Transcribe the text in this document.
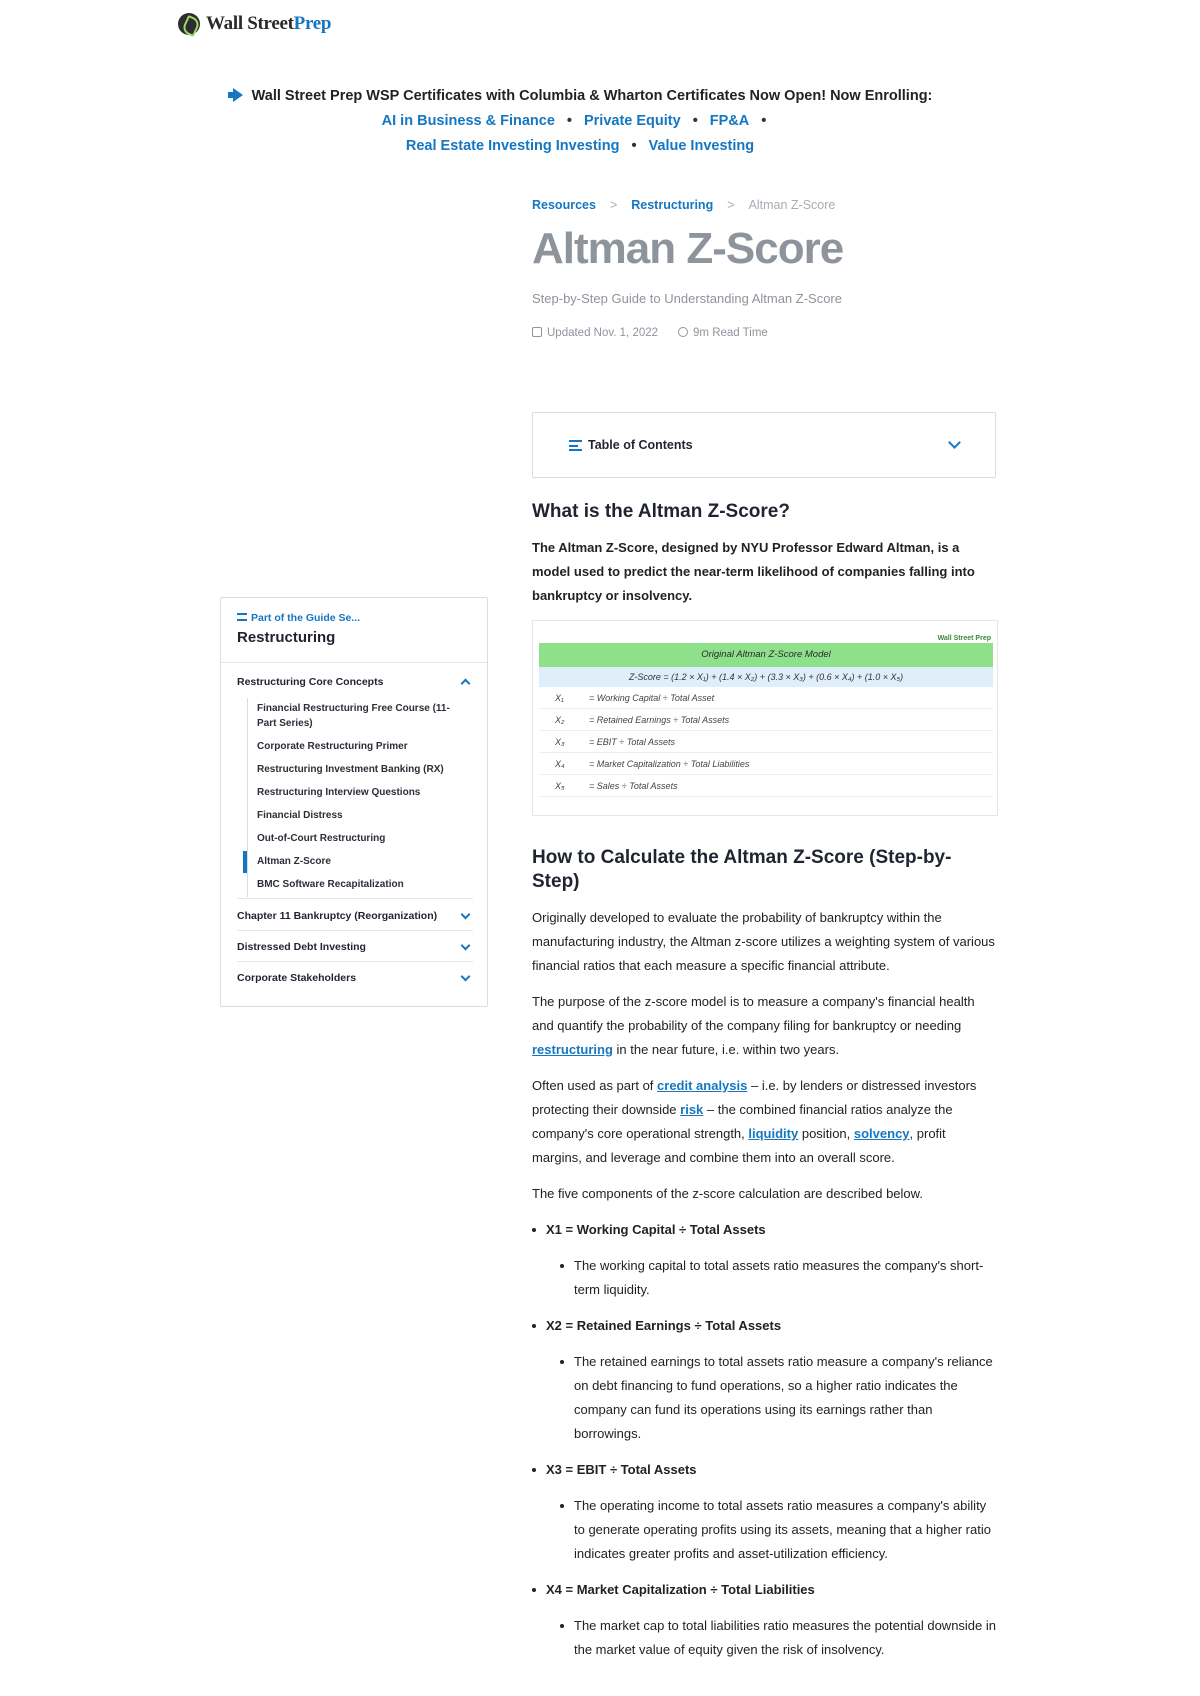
Wall StreetPrep
Wall Street Prep WSP Certificates with Columbia & Wharton Certificates Now Open! Now Enrolling:
AI in Business & Finance • Private Equity • FP&A •
Real Estate Investing Investing • Value Investing
Resources > Restructuring > Altman Z-Score
Altman Z-Score
Step-by-Step Guide to Understanding Altman Z-Score
Updated Nov. 1, 2022	9m Read Time
Table of Contents
What is the Altman Z-Score?

The Altman Z-Score, designed by NYU Professor Edward Altman, is a model used to predict the near-term likelihood of companies falling into bankruptcy or insolvency.

Wall Street Prep
Original Altman Z-Score Model
Z-Score = (1.2 × X₁) + (1.4 × X₂) + (3.3 × X₃) + (0.6 × X₄) + (1.0 × X₅)
X₁	= Working Capital ÷ Total Asset
X₂	= Retained Earnings ÷ Total Assets
X₃	= EBIT ÷ Total Assets
X₄	= Market Capitalization ÷ Total Liabilities
X₅	= Sales ÷ Total Assets
How to Calculate the Altman Z-Score (Step-by-Step)

Originally developed to evaluate the probability of bankruptcy within the manufacturing industry, the Altman z-score utilizes a weighting system of various financial ratios that each measure a specific financial attribute.

The purpose of the z-score model is to measure a company's financial health and quantify the probability of the company filing for bankruptcy or needing restructuring in the near future, i.e. within two years.

Often used as part of credit analysis – i.e. by lenders or distressed investors protecting their downside risk – the combined financial ratios analyze the company's core operational strength, liquidity position, solvency, profit margins, and leverage and combine them into an overall score.

The five components of the z-score calculation are described below.

X1 = Working Capital ÷ Total Assets
The working capital to total assets ratio measures the company's short-term liquidity.
X2 = Retained Earnings ÷ Total Assets
The retained earnings to total assets ratio measure a company's reliance on debt financing to fund operations, so a higher ratio indicates the company can fund its operations using its earnings rather than borrowings.
X3 = EBIT ÷ Total Assets
The operating income to total assets ratio measures a company's ability to generate operating profits using its assets, meaning that a higher ratio indicates greater profits and asset-utilization efficiency.
X4 = Market Capitalization ÷ Total Liabilities
The market cap to total liabilities ratio measures the potential downside in the market value of equity given the risk of insolvency.
Part of the Guide Se...
Restructuring
Restructuring Core Concepts
Financial Restructuring Free Course (11-Part Series)
Corporate Restructuring Primer
Restructuring Investment Banking (RX)
Restructuring Interview Questions
Financial Distress
Out-of-Court Restructuring
Altman Z-Score
BMC Software Recapitalization
Chapter 11 Bankruptcy (Reorganization)
Distressed Debt Investing
Corporate Stakeholders
